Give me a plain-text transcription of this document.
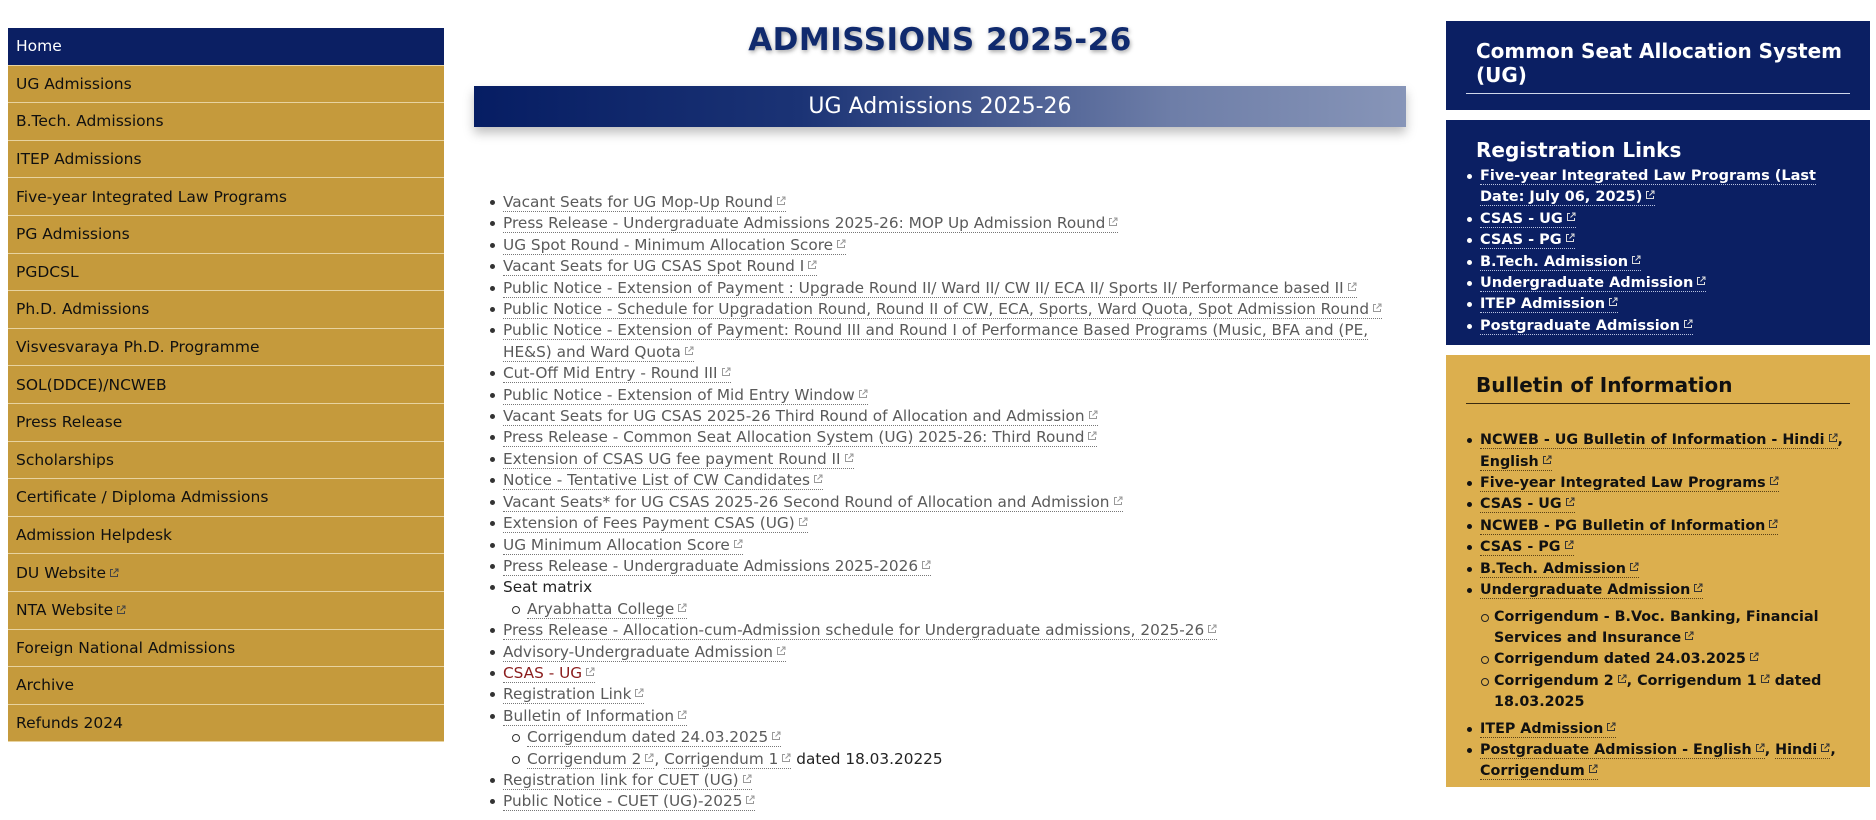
Home
UG Admissions
B.Tech. Admissions
ITEP Admissions
Five-year Integrated Law Programs
PG Admissions
PGDCSL
Ph.D. Admissions
Visvesvaraya Ph.D. Programme
SOL(DDCE)/NCWEB
Press Release
Scholarships
Certificate / Diploma Admissions
Admission Helpdesk
DU Website
NTA Website
Foreign National Admissions
Archive
Refunds 2024
ADMISSIONS 2025-26
UG Admissions 2025-26
Vacant Seats for UG Mop-Up Round
Press Release - Undergraduate Admissions 2025-26: MOP Up Admission Round
UG Spot Round - Minimum Allocation Score
Vacant Seats for UG CSAS Spot Round I
Public Notice - Extension of Payment : Upgrade Round II/ Ward II/ CW II/ ECA II/ Sports II/ Performance based II
Public Notice - Schedule for Upgradation Round, Round II of CW, ECA, Sports, Ward Quota, Spot Admission Round
Public Notice - Extension of Payment: Round III and Round I of Performance Based Programs (Music, BFA and (PE, HE&S) and Ward Quota
Cut-Off Mid Entry - Round III
Public Notice - Extension of Mid Entry Window
Vacant Seats for UG CSAS 2025-26 Third Round of Allocation and Admission
Press Release - Common Seat Allocation System (UG) 2025-26: Third Round
Extension of CSAS UG fee payment Round II
Notice - Tentative List of CW Candidates
Vacant Seats* for UG CSAS 2025-26 Second Round of Allocation and Admission
Extension of Fees Payment CSAS (UG)
UG Minimum Allocation Score
Press Release - Undergraduate Admissions 2025-2026
Seat matrix
Aryabhatta College
Press Release - Allocation-cum-Admission schedule for Undergraduate admissions, 2025-26
Advisory-Undergraduate Admission
CSAS - UG
Registration Link
Bulletin of Information
Corrigendum dated 24.03.2025
Corrigendum 2 , Corrigendum 1 dated 18.03.20225
Registration link for CUET (UG)
Public Notice - CUET (UG)-2025
Common Seat Allocation System (UG)
Registration Links
Five-year Integrated Law Programs (Last Date: July 06, 2025)
CSAS - UG
CSAS - PG
B.Tech. Admission
Undergraduate Admission
ITEP Admission
Postgraduate Admission
Bulletin of Information
NCWEB - UG Bulletin of Information - Hindi , English
Five-year Integrated Law Programs
CSAS - UG
NCWEB - PG Bulletin of Information
CSAS - PG
B.Tech. Admission
Undergraduate Admission
Corrigendum - B.Voc. Banking, Financial Services and Insurance
Corrigendum dated 24.03.2025
Corrigendum 2 , Corrigendum 1 dated 18.03.2025
ITEP Admission
Postgraduate Admission - English , Hindi , Corrigendum
